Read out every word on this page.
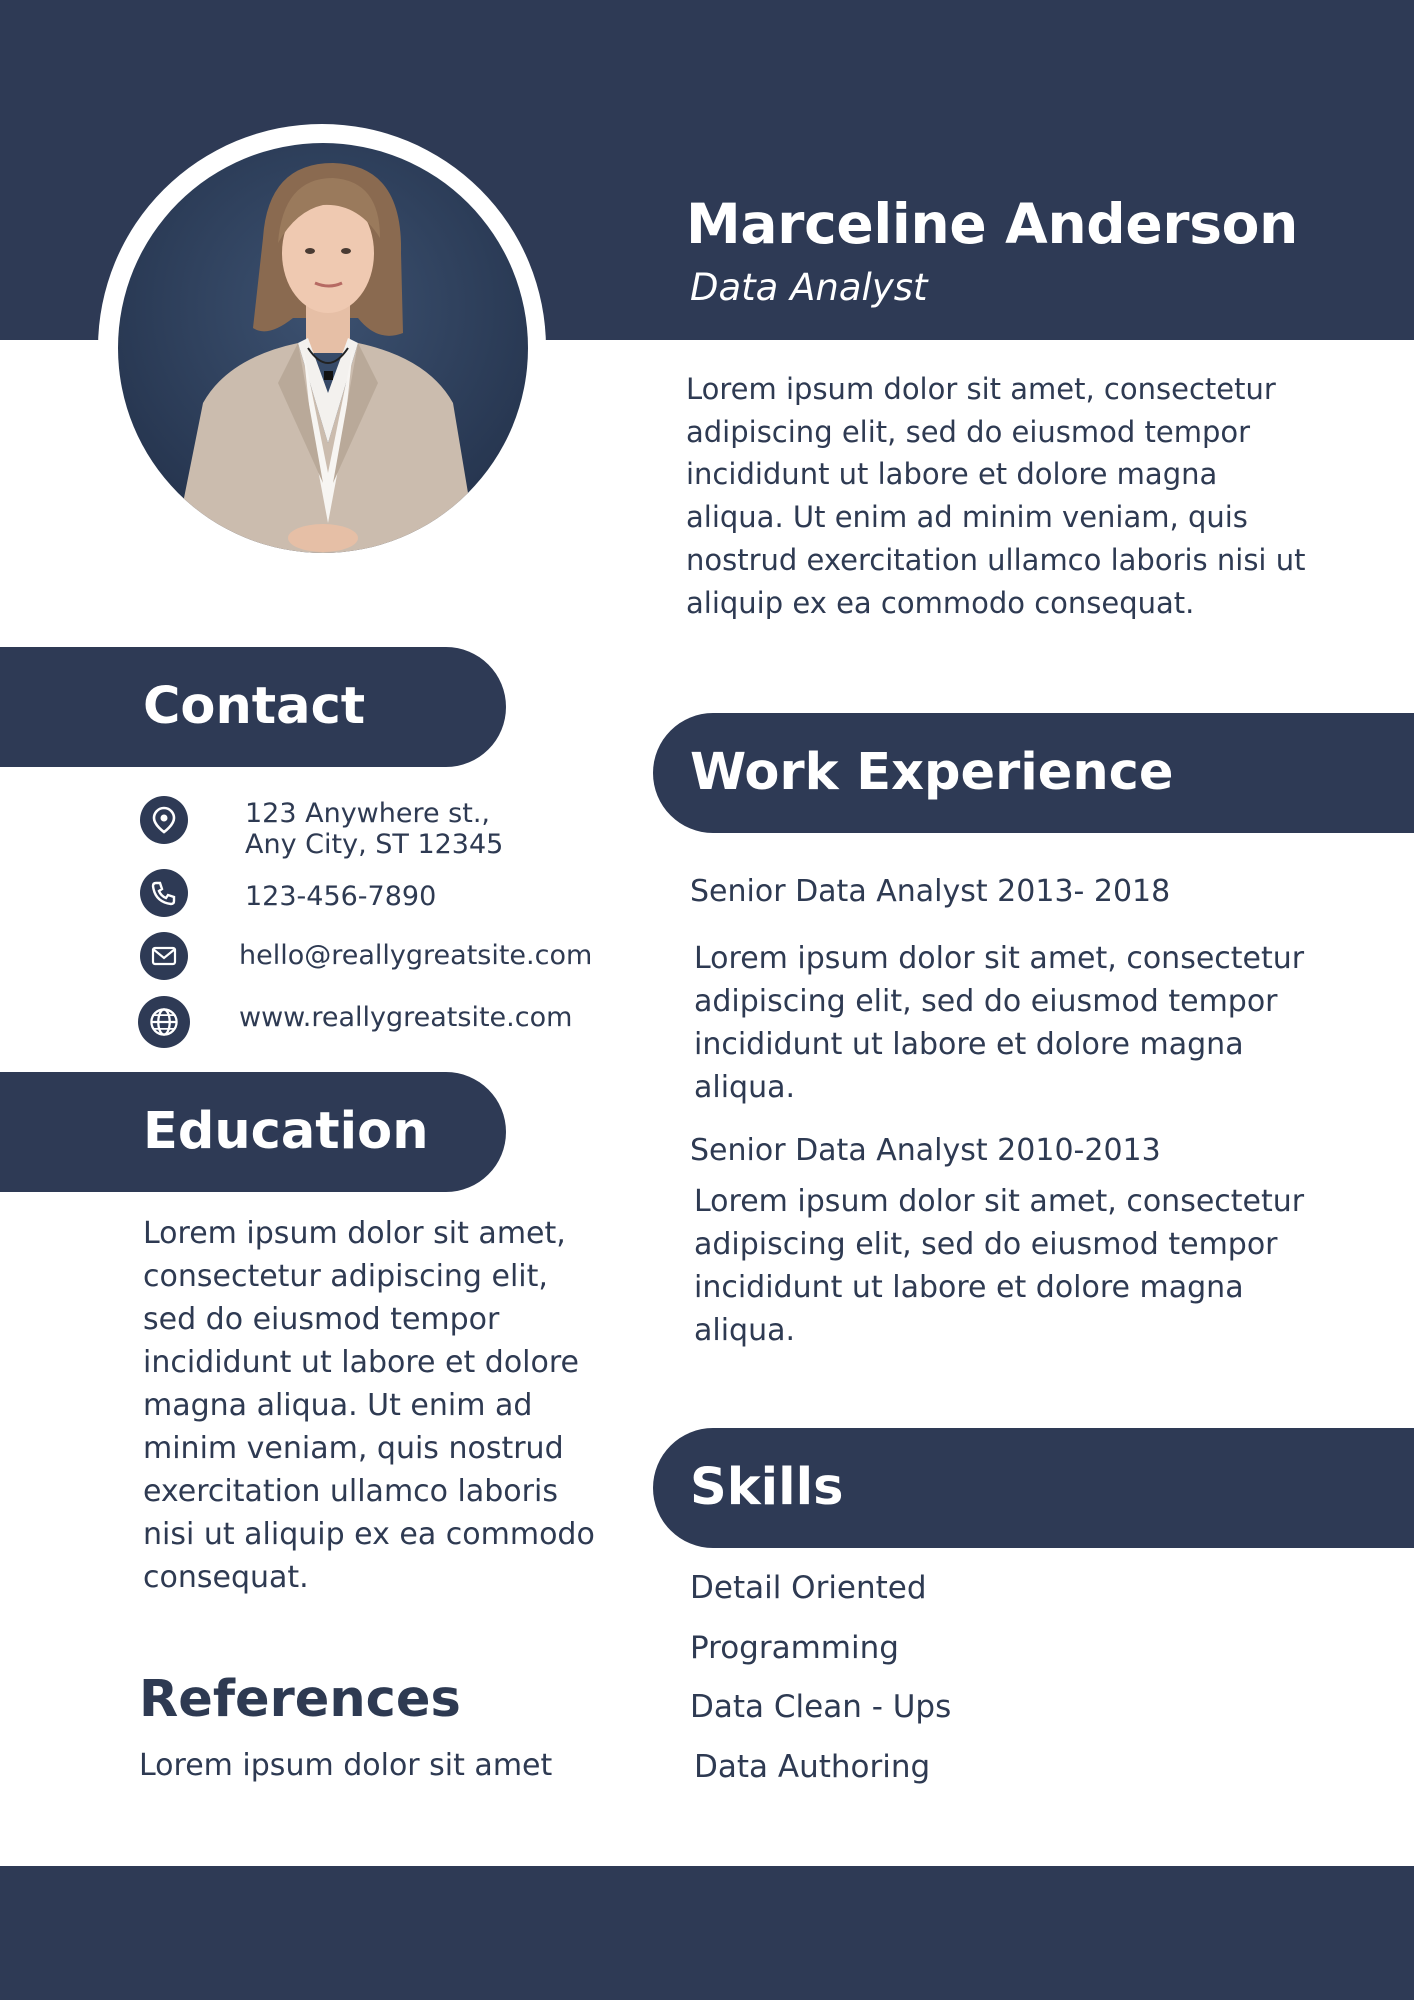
Marceline Anderson
Data Analyst
Lorem ipsum dolor sit amet, consectetur adipiscing elit, sed do eiusmod tempor incididunt ut labore et dolore magna aliqua. Ut enim ad minim veniam, quis nostrud exercitation ullamco laboris nisi ut aliquip ex ea commodo consequat.
Contact
123 Anywhere st.,
Any City, ST 12345
123-456-7890
hello@reallygreatsite.com
www.reallygreatsite.com
Education
Lorem ipsum dolor sit amet, consectetur adipiscing elit, sed do eiusmod tempor incididunt ut labore et dolore magna aliqua. Ut enim ad minim veniam, quis nostrud exercitation ullamco laboris nisi ut aliquip ex ea commodo consequat.
References
Lorem ipsum dolor sit amet
Work Experience
Senior Data Analyst 2013- 2018
Lorem ipsum dolor sit amet, consectetur adipiscing elit, sed do eiusmod tempor incididunt ut labore et dolore magna aliqua.
Senior Data Analyst 2010-2013
Lorem ipsum dolor sit amet, consectetur adipiscing elit, sed do eiusmod tempor incididunt ut labore et dolore magna aliqua.
Skills
Detail Oriented
Programming
Data Clean - Ups
Data Authoring
